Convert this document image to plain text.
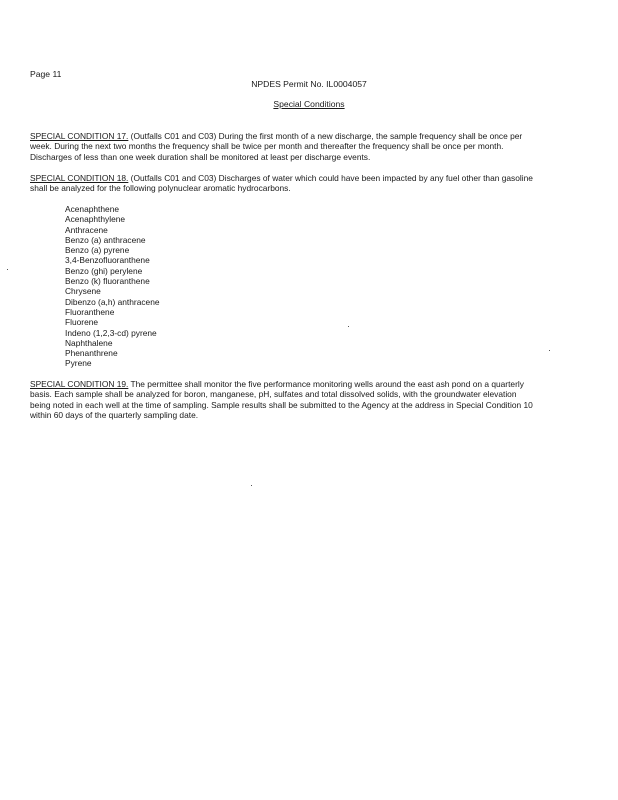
Page 11
NPDES Permit No. IL0004057
Special Conditions

SPECIAL CONDITION 17. (Outfalls C01 and C03) During the first month of a new discharge, the sample frequency shall be once per week. During the next two months the frequency shall be twice per month and thereafter the frequency shall be once per month. Discharges of less than one week duration shall be monitored at least per discharge events.

SPECIAL CONDITION 18. (Outfalls C01 and C03) Discharges of water which could have been impacted by any fuel other than gasoline shall be analyzed for the following polynuclear aromatic hydrocarbons.

Acenaphthene
Acenaphthylene
Anthracene
Benzo (a) anthracene
Benzo (a) pyrene
3,4-Benzofluoranthene
Benzo (ghi) perylene
Benzo (k) fluoranthene
Chrysene
Dibenzo (a,h) anthracene
Fluoranthene
Fluorene
Indeno (1,2,3-cd) pyrene
Naphthalene
Phenanthrene
Pyrene

SPECIAL CONDITION 19. The permittee shall monitor the five performance monitoring wells around the east ash pond on a quarterly basis. Each sample shall be analyzed for boron, manganese, pH, sulfates and total dissolved solids, with the groundwater elevation being noted in each well at the time of sampling. Sample results shall be submitted to the Agency at the address in Special Condition 10 within 60 days of the quarterly sampling date.
